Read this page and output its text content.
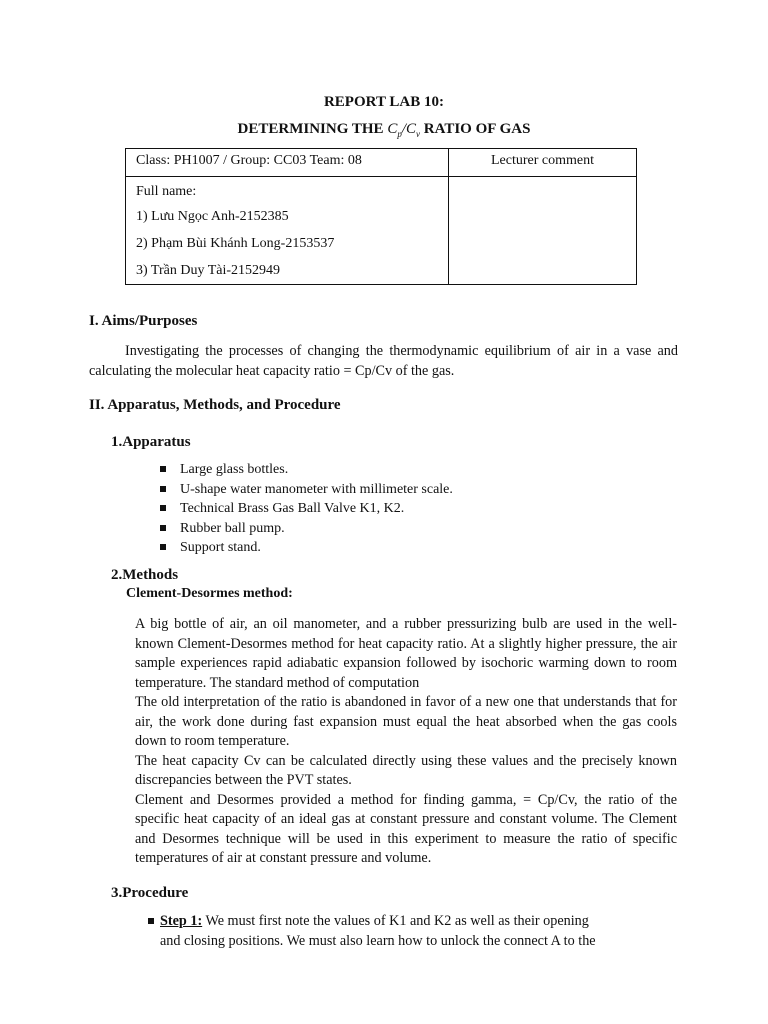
REPORT LAB 10:
DETERMINING THE $C_p/C_v$ RATIO OF GAS
Class: PH1007 / Group: CC03 Team: 08	Lecturer comment

Full name:
1) Lưu Ngọc Anh-2152385
2) Phạm Bùi Khánh Long-2153537
3) Trần Duy Tài-2152949	

I. Aims/Purposes
Investigating the processes of changing the thermodynamic equilibrium of air in a vase and calculating the molecular heat capacity ratio = Cp/Cv of the gas.
II. Apparatus, Methods, and Procedure
1.Apparatus
Large glass bottles.
U-shape water manometer with millimeter scale.
Technical Brass Gas Ball Valve K1, K2.
Rubber ball pump.
Support stand.
2.Methods
Clement-Desormes method:

A big bottle of air, an oil manometer, and a rubber pressurizing bulb are used in the well-known Clement-Desormes method for heat capacity ratio. At a slightly higher pressure, the air sample experiences rapid adiabatic expansion followed by isochoric warming down to room temperature. The standard method of computation

The old interpretation of the ratio is abandoned in favor of a new one that understands that for air, the work done during fast expansion must equal the heat absorbed when the gas cools down to room temperature.

The heat capacity Cv can be calculated directly using these values and the precisely known discrepancies between the PVT states.

Clement and Desormes provided a method for finding gamma, = Cp/Cv, the ratio of the specific heat capacity of an ideal gas at constant pressure and constant volume. The Clement and Desormes technique will be used in this experiment to measure the ratio of specific temperatures of air at constant pressure and volume.

3.Procedure
Step 1: We must first note the values of K1 and K2 as well as their opening
and closing positions. We must also learn how to unlock the connect A to the
